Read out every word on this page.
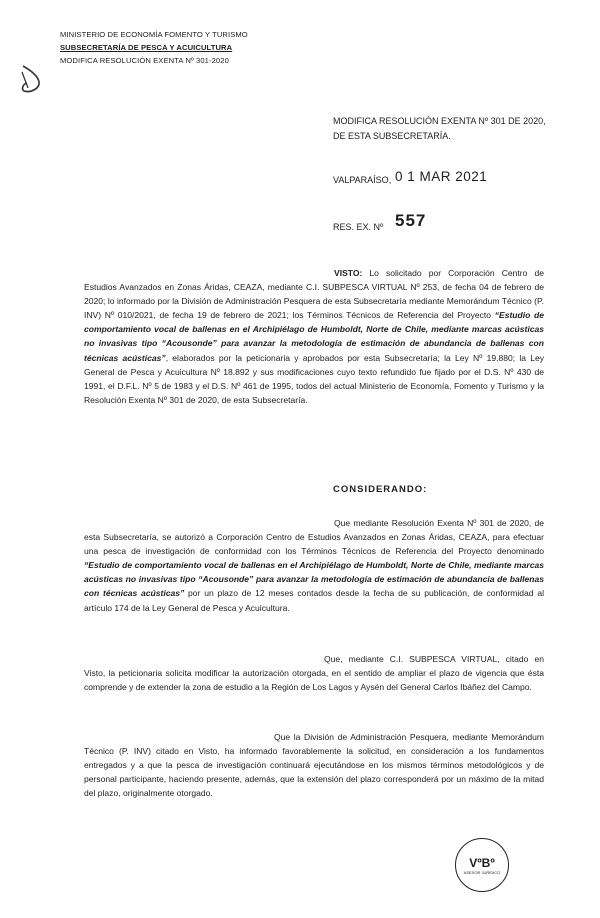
MINISTERIO DE ECONOMÍA FOMENTO Y TURISMO
SUBSECRETARÍA DE PESCA Y ACUICULTURA
MODIFICA RESOLUCIÓN EXENTA Nº 301-2020
MODIFICA RESOLUCIÓN EXENTA Nº 301 DE 2020,
DE ESTA SUBSECRETARÍA.
VALPARAÍSO, 0 1 MAR 2021
RES. EX. Nº 557
VISTO: Lo solicitado por Corporación Centro de Estudios Avanzados en Zonas Áridas, CEAZA, mediante C.I. SUBPESCA VIRTUAL Nº 253, de fecha 04 de febrero de 2020; lo informado por la División de Administración Pesquera de esta Subsecretaría mediante Memorándum Técnico (P. INV) Nº 010/2021, de fecha 19 de febrero de 2021; los Términos Técnicos de Referencia del Proyecto “Estudio de comportamiento vocal de ballenas en el Archipiélago de Humboldt, Norte de Chile, mediante marcas acústicas no invasivas tipo “Acousonde” para avanzar la metodología de estimación de abundancia de ballenas con técnicas acústicas”, elaborados por la peticionaria y aprobados por esta Subsecretaría; la Ley Nº 19.880; la Ley General de Pesca y Acuicultura Nº 18.892 y sus modificaciones cuyo texto refundido fue fijado por el D.S. Nº 430 de 1991, el D.F.L. Nº 5 de 1983 y el D.S. Nº 461 de 1995, todos del actual Ministerio de Economía, Fomento y Turismo y la Resolución Exenta Nº 301 de 2020, de esta Subsecretaría.
CONSIDERANDO:
Que mediante Resolución Exenta Nº 301 de 2020, de esta Subsecretaría, se autorizó a Corporación Centro de Estudios Avanzados en Zonas Áridas, CEAZA, para efectuar una pesca de investigación de conformidad con los Términos Técnicos de Referencia del Proyecto denominado “Estudio de comportamiento vocal de ballenas en el Archipiélago de Humboldt, Norte de Chile, mediante marcas acústicas no invasivas tipo “Acousonde” para avanzar la metodología de estimación de abundancia de ballenas con técnicas acústicas” por un plazo de 12 meses contados desde la fecha de su publicación, de conformidad al artículo 174 de la Ley General de Pesca y Acuicultura.
Que, mediante C.I. SUBPESCA VIRTUAL, citado en Visto, la peticionaria solicita modificar la autorización otorgada, en el sentido de ampliar el plazo de vigencia que ésta comprende y de extender la zona de estudio a la Región de Los Lagos y Aysén del General Carlos Ibáñez del Campo.
Que la División de Administración Pesquera, mediante Memorándum Técnico (P. INV) citado en Visto, ha informado favorablemente la solicitud, en consideración a los fundamentos entregados y a que la pesca de investigación continuará ejecutándose en los mismos términos metodológicos y de personal participante, haciendo presente, además, que la extensión del plazo corresponderá por un máximo de la mitad del plazo, originalmente otorgado.
VºBº
ASESOR JURÍDICO
